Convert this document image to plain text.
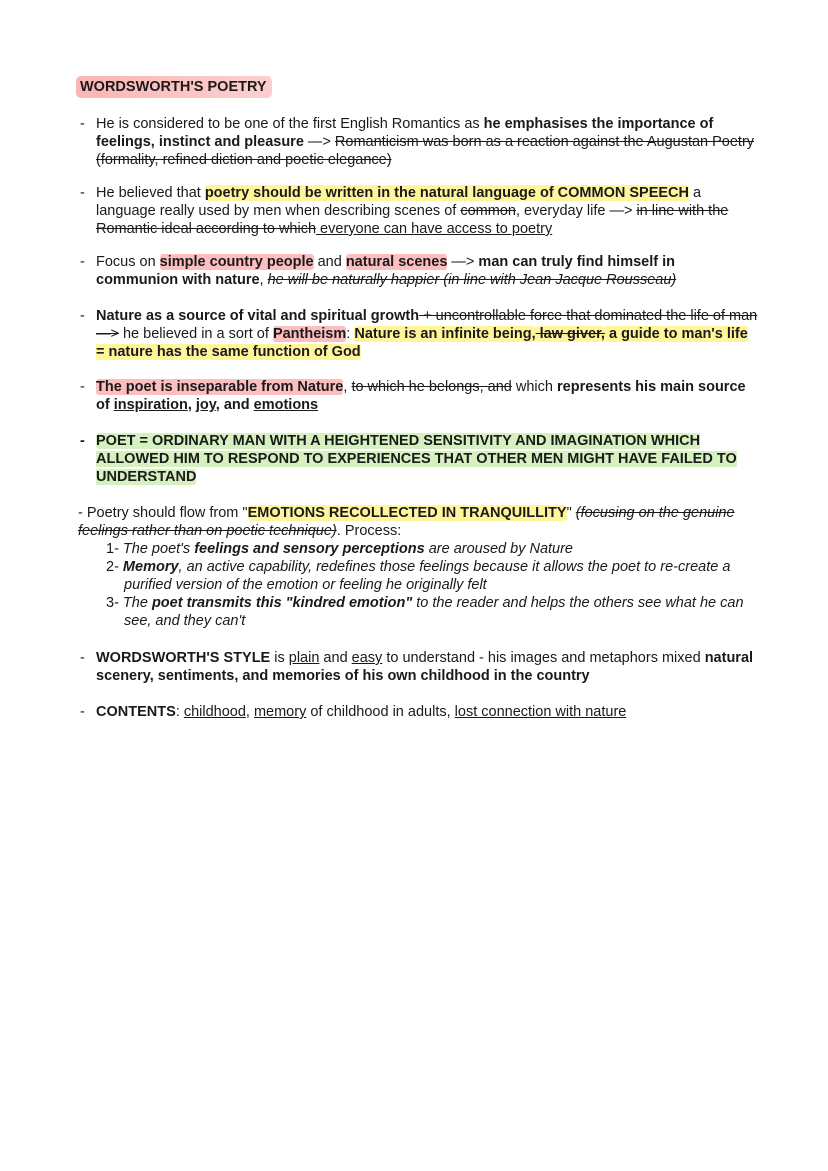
WORDSWORTH'S POETRY
- He is considered to be one of the first English Romantics as he emphasises the importance of feelings, instinct and pleasure —> Romanticism was born as a reaction against the Augustan Poetry (formality, refined diction and poetic elegance)
- He believed that poetry should be written in the natural language of COMMON SPEECH a language really used by men when describing scenes of common, everyday life —> in line with the Romantic ideal according to which everyone can have access to poetry
- Focus on simple country people and natural scenes —> man can truly find himself in communion with nature, he will be naturally happier (in line with Jean Jacque Rousseau)
- Nature as a source of vital and spiritual growth + uncontrollable force that dominated the life of man —> he believed in a sort of Pantheism: Nature is an infinite being, law giver, a guide to man's life = nature has the same function of God
- The poet is inseparable from Nature, to which he belongs, and which represents his main source of inspiration, joy, and emotions
- POET = ORDINARY MAN WITH A HEIGHTENED SENSITIVITY AND IMAGINATION WHICH ALLOWED HIM TO RESPOND TO EXPERIENCES THAT OTHER MEN MIGHT HAVE FAILED TO UNDERSTAND
- Poetry should flow from "EMOTIONS RECOLLECTED IN TRANQUILLITY" (focusing on the genuine feelings rather than on poetic technique). Process:
1- The poet's feelings and sensory perceptions are aroused by Nature
2- Memory, an active capability, redefines those feelings because it allows the poet to re-create a purified version of the emotion or feeling he originally felt
3- The poet transmits this "kindred emotion" to the reader and helps the others see what he can see, and they can't
- WORDSWORTH'S STYLE is plain and easy to understand - his images and metaphors mixed natural scenery, sentiments, and memories of his own childhood in the country
- CONTENTS: childhood, memory of childhood in adults, lost connection with nature
